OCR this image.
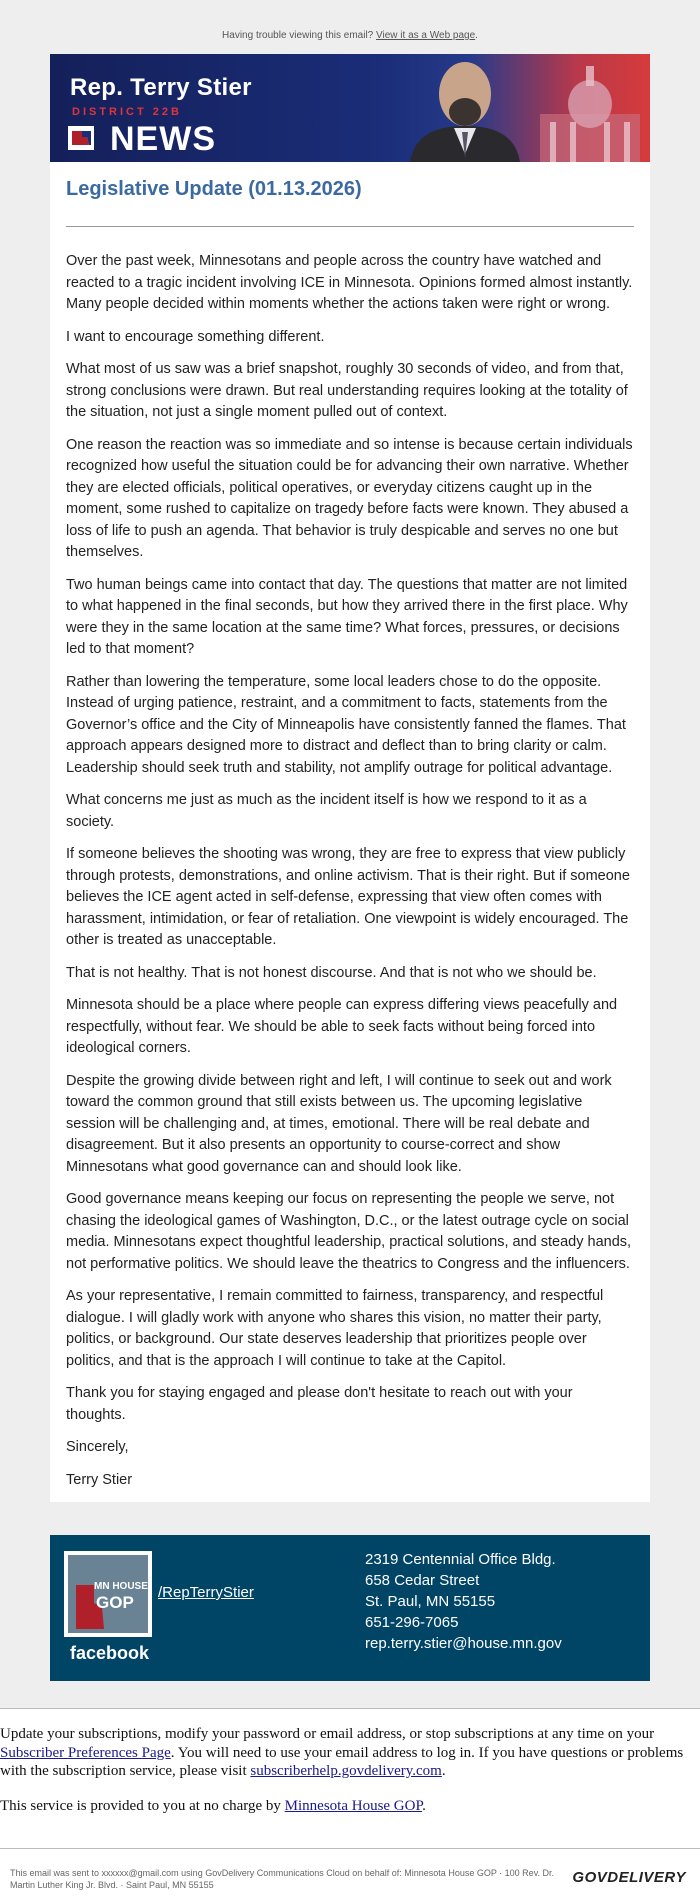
Having trouble viewing this email? View it as a Web page.
Rep. Terry Stier
DISTRICT 22B
NEWS
Legislative Update (01.13.2026)

Over the past week, Minnesotans and people across the country have watched and reacted to a tragic incident involving ICE in Minnesota. Opinions formed almost instantly. Many people decided within moments whether the actions taken were right or wrong.

I want to encourage something different.

What most of us saw was a brief snapshot, roughly 30 seconds of video, and from that, strong conclusions were drawn. But real understanding requires looking at the totality of the situation, not just a single moment pulled out of context.

One reason the reaction was so immediate and so intense is because certain individuals recognized how useful the situation could be for advancing their own narrative. Whether they are elected officials, political operatives, or everyday citizens caught up in the moment, some rushed to capitalize on tragedy before facts were known. They abused a loss of life to push an agenda. That behavior is truly despicable and serves no one but themselves.

Two human beings came into contact that day. The questions that matter are not limited to what happened in the final seconds, but how they arrived there in the first place. Why were they in the same location at the same time? What forces, pressures, or decisions led to that moment?

Rather than lowering the temperature, some local leaders chose to do the opposite. Instead of urging patience, restraint, and a commitment to facts, statements from the Governor’s office and the City of Minneapolis have consistently fanned the flames. That approach appears designed more to distract and deflect than to bring clarity or calm. Leadership should seek truth and stability, not amplify outrage for political advantage.

What concerns me just as much as the incident itself is how we respond to it as a society.

If someone believes the shooting was wrong, they are free to express that view publicly through protests, demonstrations, and online activism. That is their right. But if someone believes the ICE agent acted in self-defense, expressing that view often comes with harassment, intimidation, or fear of retaliation. One viewpoint is widely encouraged. The other is treated as unacceptable.

That is not healthy. That is not honest discourse. And that is not who we should be.

Minnesota should be a place where people can express differing views peacefully and respectfully, without fear. We should be able to seek facts without being forced into ideological corners.

Despite the growing divide between right and left, I will continue to seek out and work toward the common ground that still exists between us. The upcoming legislative session will be challenging and, at times, emotional. There will be real debate and disagreement. But it also presents an opportunity to course-correct and show Minnesotans what good governance can and should look like.

Good governance means keeping our focus on representing the people we serve, not chasing the ideological games of Washington, D.C., or the latest outrage cycle on social media. Minnesotans expect thoughtful leadership, practical solutions, and steady hands, not performative politics. We should leave the theatrics to Congress and the influencers.

As your representative, I remain committed to fairness, transparency, and respectful dialogue. I will gladly work with anyone who shares this vision, no matter their party, politics, or background. Our state deserves leadership that prioritizes people over politics, and that is the approach I will continue to take at the Capitol.

Thank you for staying engaged and please don't hesitate to reach out with your thoughts.

Sincerely,

Terry Stier

MN HOUSE
GOP
facebook
/RepTerryStier
2319 Centennial Office Bldg.
658 Cedar Street
St. Paul, MN 55155
651-296-7065
rep.terry.stier@house.mn.gov

Update your subscriptions, modify your password or email address, or stop subscriptions at any time on your Subscriber Preferences Page. You will need to use your email address to log in. If you have questions or problems with the subscription service, please visit subscriberhelp.govdelivery.com.

This service is provided to you at no charge by Minnesota House GOP.

This email was sent to xxxxxx@gmail.com using GovDelivery Communications Cloud on behalf of: Minnesota House GOP · 100 Rev. Dr. Martin Luther King Jr. Blvd. · Saint Paul, MN 55155	GOVDELIVERY
